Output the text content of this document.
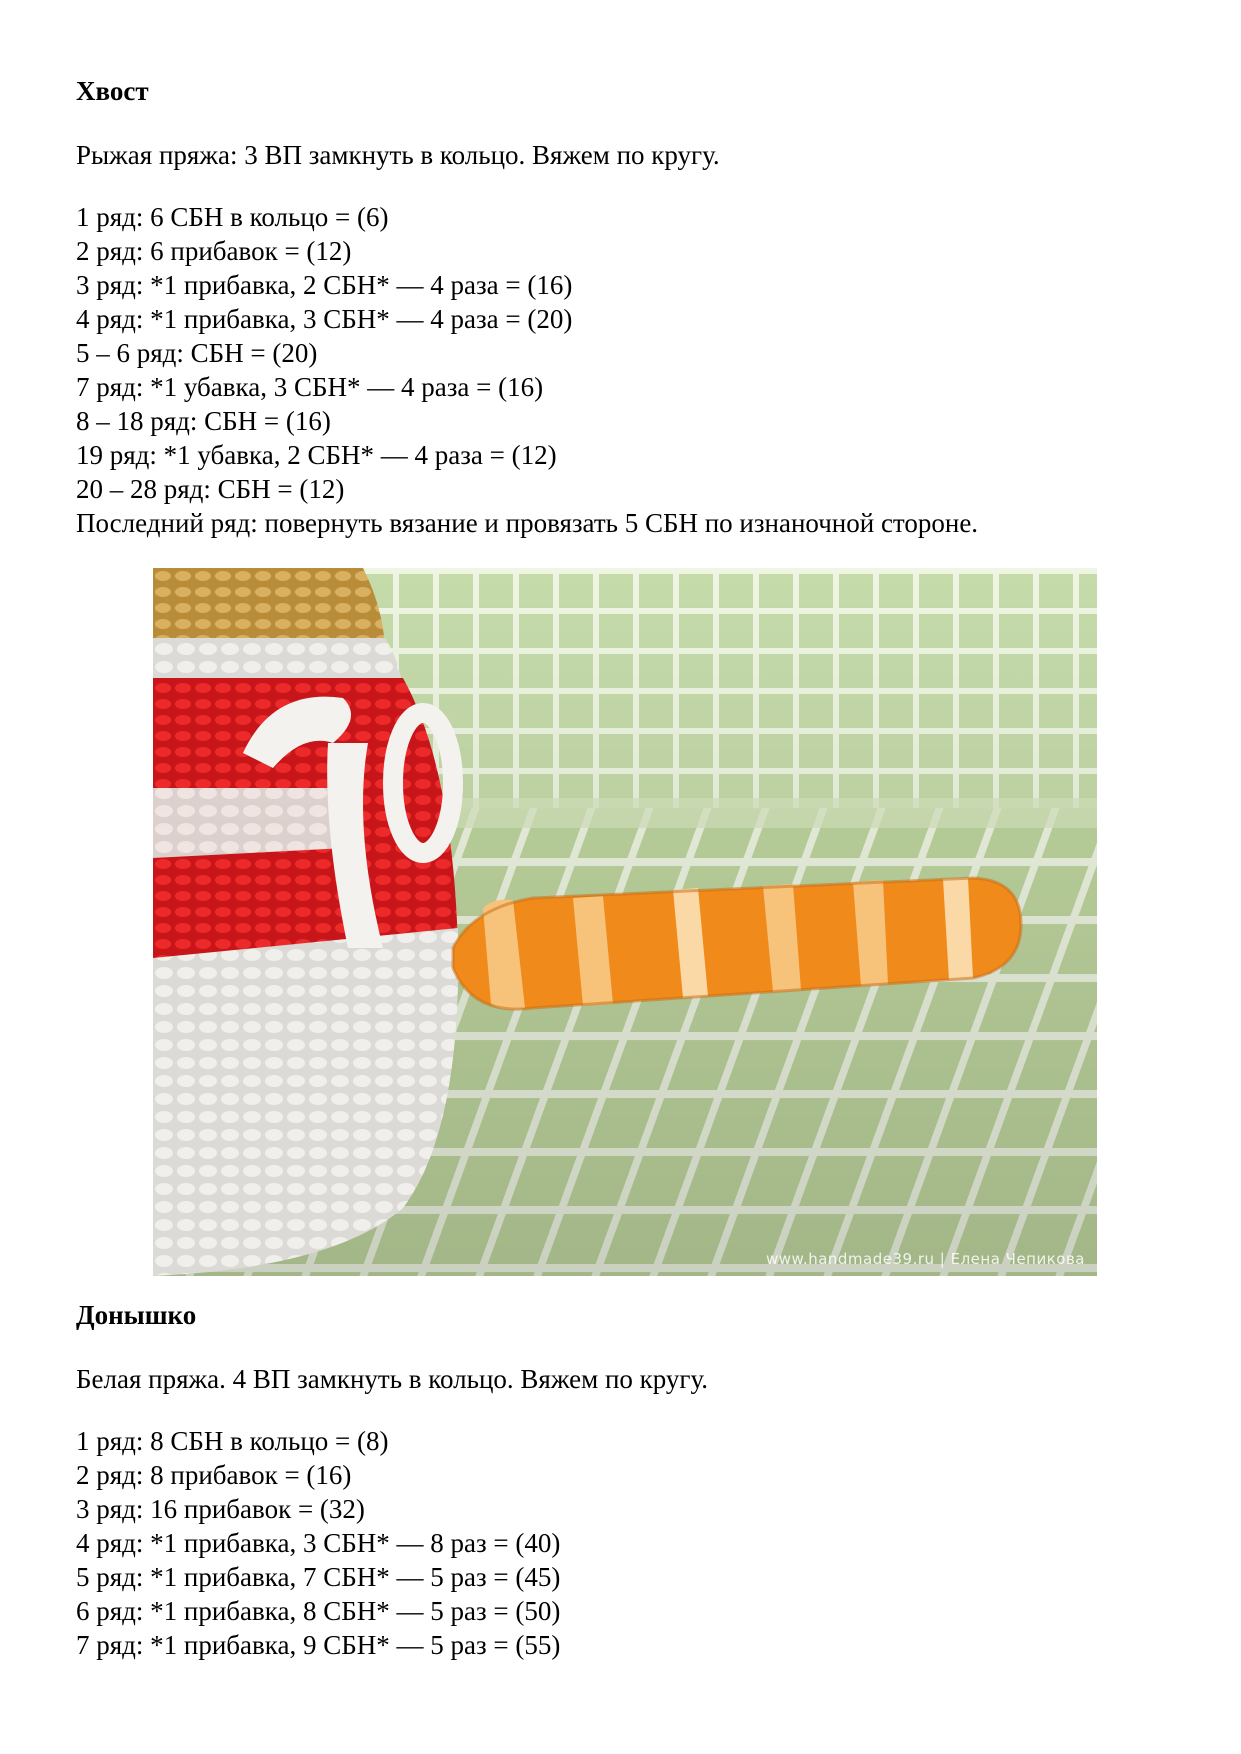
Хвост
Рыжая пряжа: 3 ВП замкнуть в кольцо. Вяжем по кругу.
1 ряд: 6 СБН в кольцо = (6)
2 ряд: 6 прибавок = (12)
3 ряд: *1 прибавка, 2 СБН* — 4 раза = (16)
4 ряд: *1 прибавка, 3 СБН* — 4 раза = (20)
5 – 6 ряд: СБН = (20)
7 ряд: *1 убавка, 3 СБН* — 4 раза = (16)
8 – 18 ряд: СБН = (16)
19 ряд: *1 убавка, 2 СБН* — 4 раза = (12)
20 – 28 ряд: СБН = (12)
Последний ряд: повернуть вязание и провязать 5 СБН по изнаночной стороне.
www.handmade39.ru | Елена Чепикова
Донышко
Белая пряжа. 4 ВП замкнуть в кольцо. Вяжем по кругу.
1 ряд: 8 СБН в кольцо = (8)
2 ряд: 8 прибавок = (16)
3 ряд: 16 прибавок = (32)
4 ряд: *1 прибавка, 3 СБН* — 8 раз = (40)
5 ряд: *1 прибавка, 7 СБН* — 5 раз = (45)
6 ряд: *1 прибавка, 8 СБН* — 5 раз = (50)
7 ряд: *1 прибавка, 9 СБН* — 5 раз = (55)
